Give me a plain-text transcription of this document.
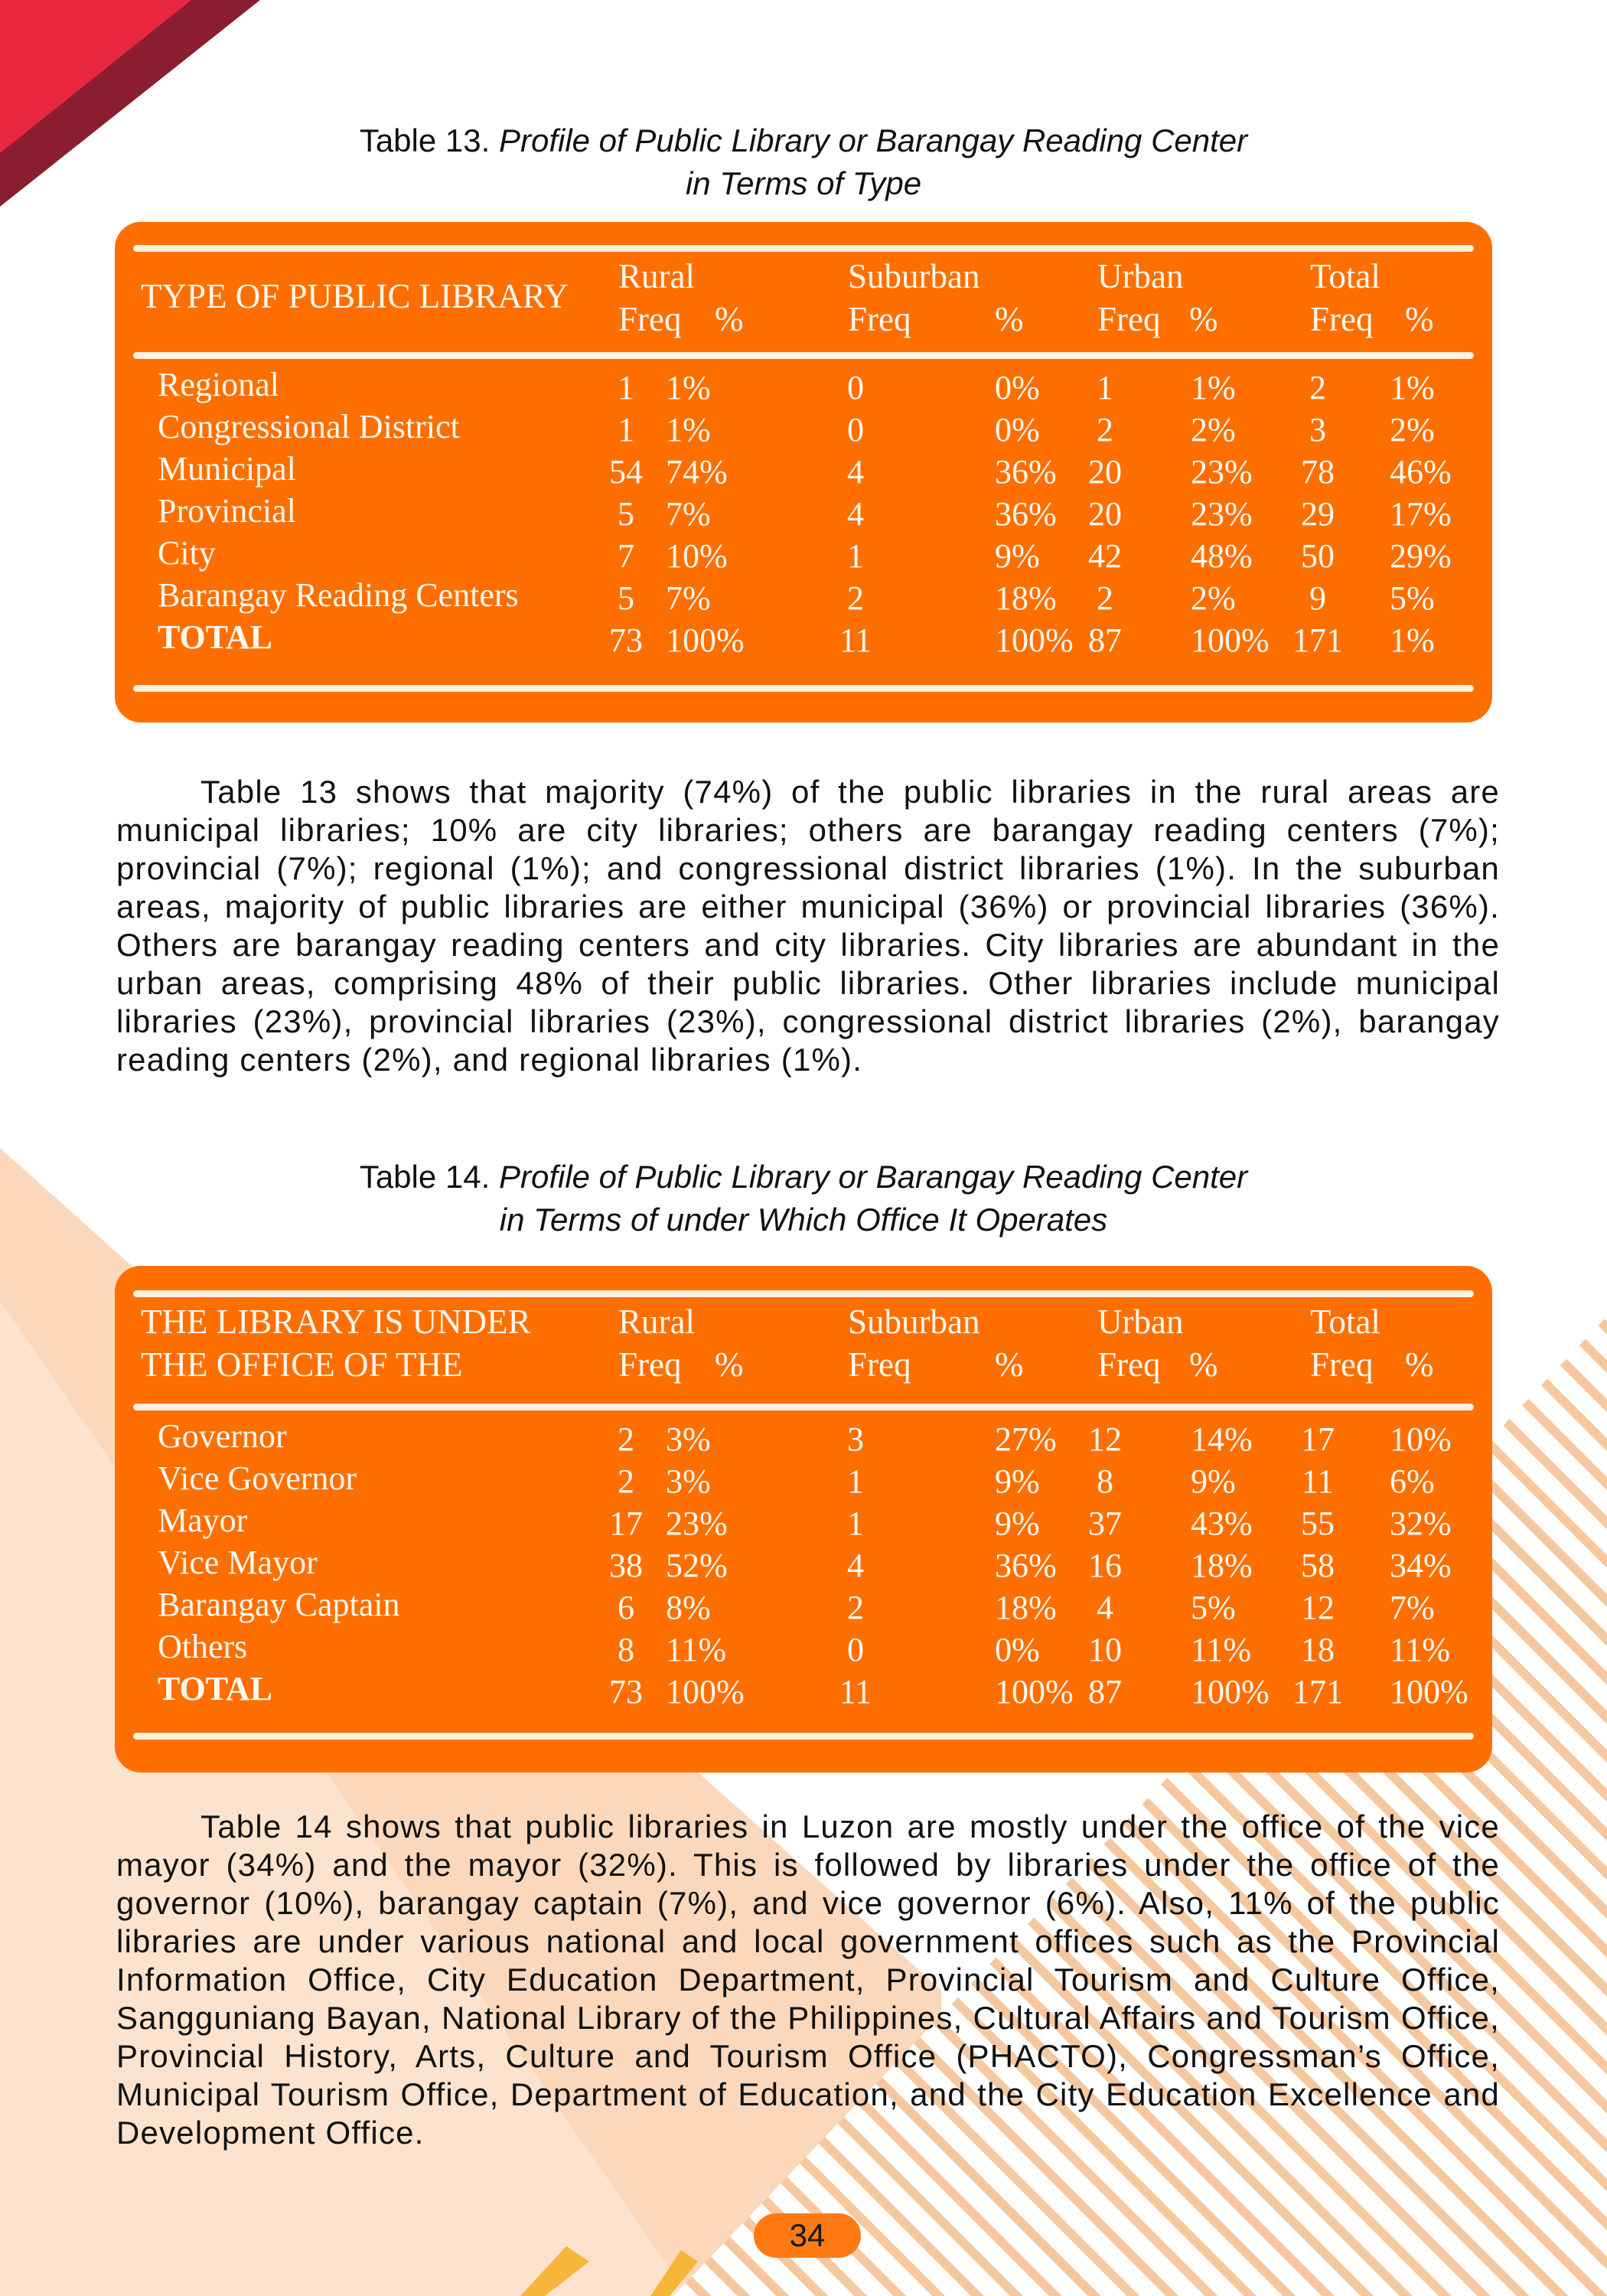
Table 13. Profile of Public Library or Barangay Reading Center
in Terms of Type
TYPE OF PUBLIC LIBRARY
Rural	Suburban	Urban	Total
Freq %	Freq % Freq %	Freq %
Regional	1 1%	0	0%	1	1%	2	1%
Congressional District	1 1%	0	0%	2	2%	3	2%
Municipal	54 74%	4	36% 20	23%	78	46%
Provincial	5 7%	4	36% 20	23%	29	17%
City	7 10%	1	9%	42	48%	50	29%
Barangay Reading Centers	5 7%	2	18%	2	2%	9	5%
TOTAL	73 100%	11	100% 87	100% 171 1%

Table 13 shows that majority (74%) of the public libraries in the rural areas are municipal libraries; 10% are city libraries; others are barangay reading centers (7%); provincial (7%); regional (1%); and congressional district libraries (1%). In the suburban areas, majority of public libraries are either municipal (36%) or provincial libraries (36%). Others are barangay reading centers and city libraries. City libraries are abundant in the urban areas, comprising 48% of their public libraries. Other libraries include municipal libraries (23%), provincial libraries (23%), congressional district libraries (2%), barangay reading centers (2%), and regional libraries (1%).

Table 14. Profile of Public Library or Barangay Reading Center
in Terms of under Which Office It Operates
THE LIBRARY IS UNDER
THE OFFICE OF THE
Rural	Suburban	Urban	Total
Freq %	Freq % Freq %	Freq %
Governor	2 3%	3	27% 12	14%	17	10%
Vice Governor	2 3%	1	9%	8	9%	11	6%
Mayor	17 23%	1	9%	37	43%	55	32%
Vice Mayor	38 52%	4	36% 16	18%	58	34%
Barangay Captain	6 8%	2	18%	4	5%	12	7%
Others	8 11%	0	0%	10	11%	18	11%
TOTAL	73 100%	11	100% 87	100% 171 100%

Table 14 shows that public libraries in Luzon are mostly under the office of the vice mayor (34%) and the mayor (32%). This is followed by libraries under the office of the governor (10%), barangay captain (7%), and vice governor (6%). Also, 11% of the public libraries are under various national and local government offices such as the Provincial Information Office, City Education Department, Provincial Tourism and Culture Office, Sangguniang Bayan, National Library of the Philippines, Cultural Affairs and Tourism Office, Provincial History, Arts, Culture and Tourism Office (PHACTO), Congressman’s Office, Municipal Tourism Office, Department of Education, and the City Education Excellence and Development Office.

34
